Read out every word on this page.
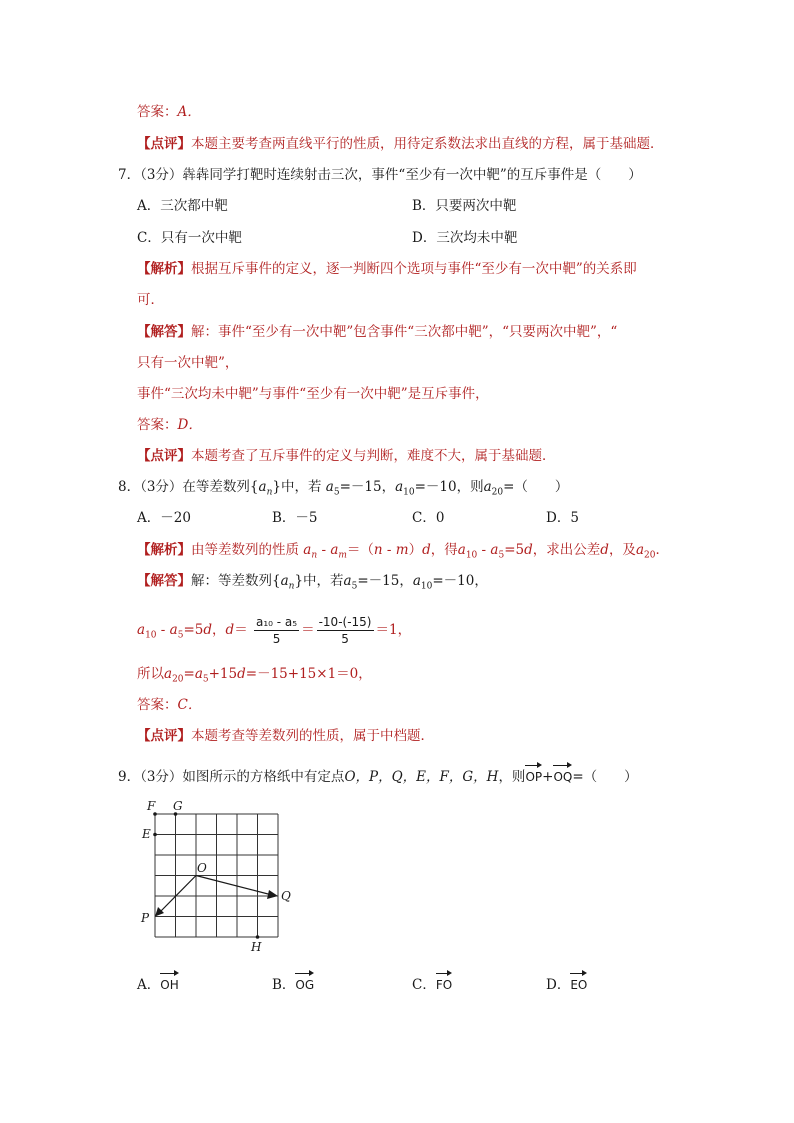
答案：A．
【点评】本题主要考查两直线平行的性质，用待定系数法求出直线的方程，属于基础题．
7．（3分）犇犇同学打靶时连续射击三次，事件“至少有一次中靶”的互斥事件是（　　）
A．三次都中靶	B．只要两次中靶
C．只有一次中靶	D．三次均未中靶
【解析】根据互斥事件的定义，逐一判断四个选项与事件“至少有一次中靶”的关系即
可．
【解答】解：事件“至少有一次中靶”包含事件“三次都中靶”，“只要两次中靶”，“
只有一次中靶”，
事件“三次均未中靶”与事件“至少有一次中靶”是互斥事件，
答案：D．
【点评】本题考查了互斥事件的定义与判断，难度不大，属于基础题．
8．（3分）在等差数列$\{a_n\}$中，若 $a_5=-15$，$a_{10}=-10$，则$a_{20}=$（　　）
A．－20	B．－5	C．0	D．5
【解析】由等差数列的性质 $a_n - a_m=(n - m)d$，得$a_{10} - a_5=5d$，求出公差d，及$a_{20}$．
【解答】解：等差数列$\{a_n\}$中，若$a_5=-15$，$a_{10}=-10$，
$a_{10} - a_5=5d$，$d= \frac{\text{a₁₀ - a₅}}{5} = \frac{-10-(-15)}{5} =1$，
所以$a_{20}=a_5+15d=-15+15\times 1=0$，
答案：C．
【点评】本题考查等差数列的性质，属于中档题．
9．（3分）如图所示的方格纸中有定点O，P，Q，E，F，G，H，则OP+OQ=（　　）
F G
E
O
Q
P
H
A．OH	B．OG	C．FO	D．EO
